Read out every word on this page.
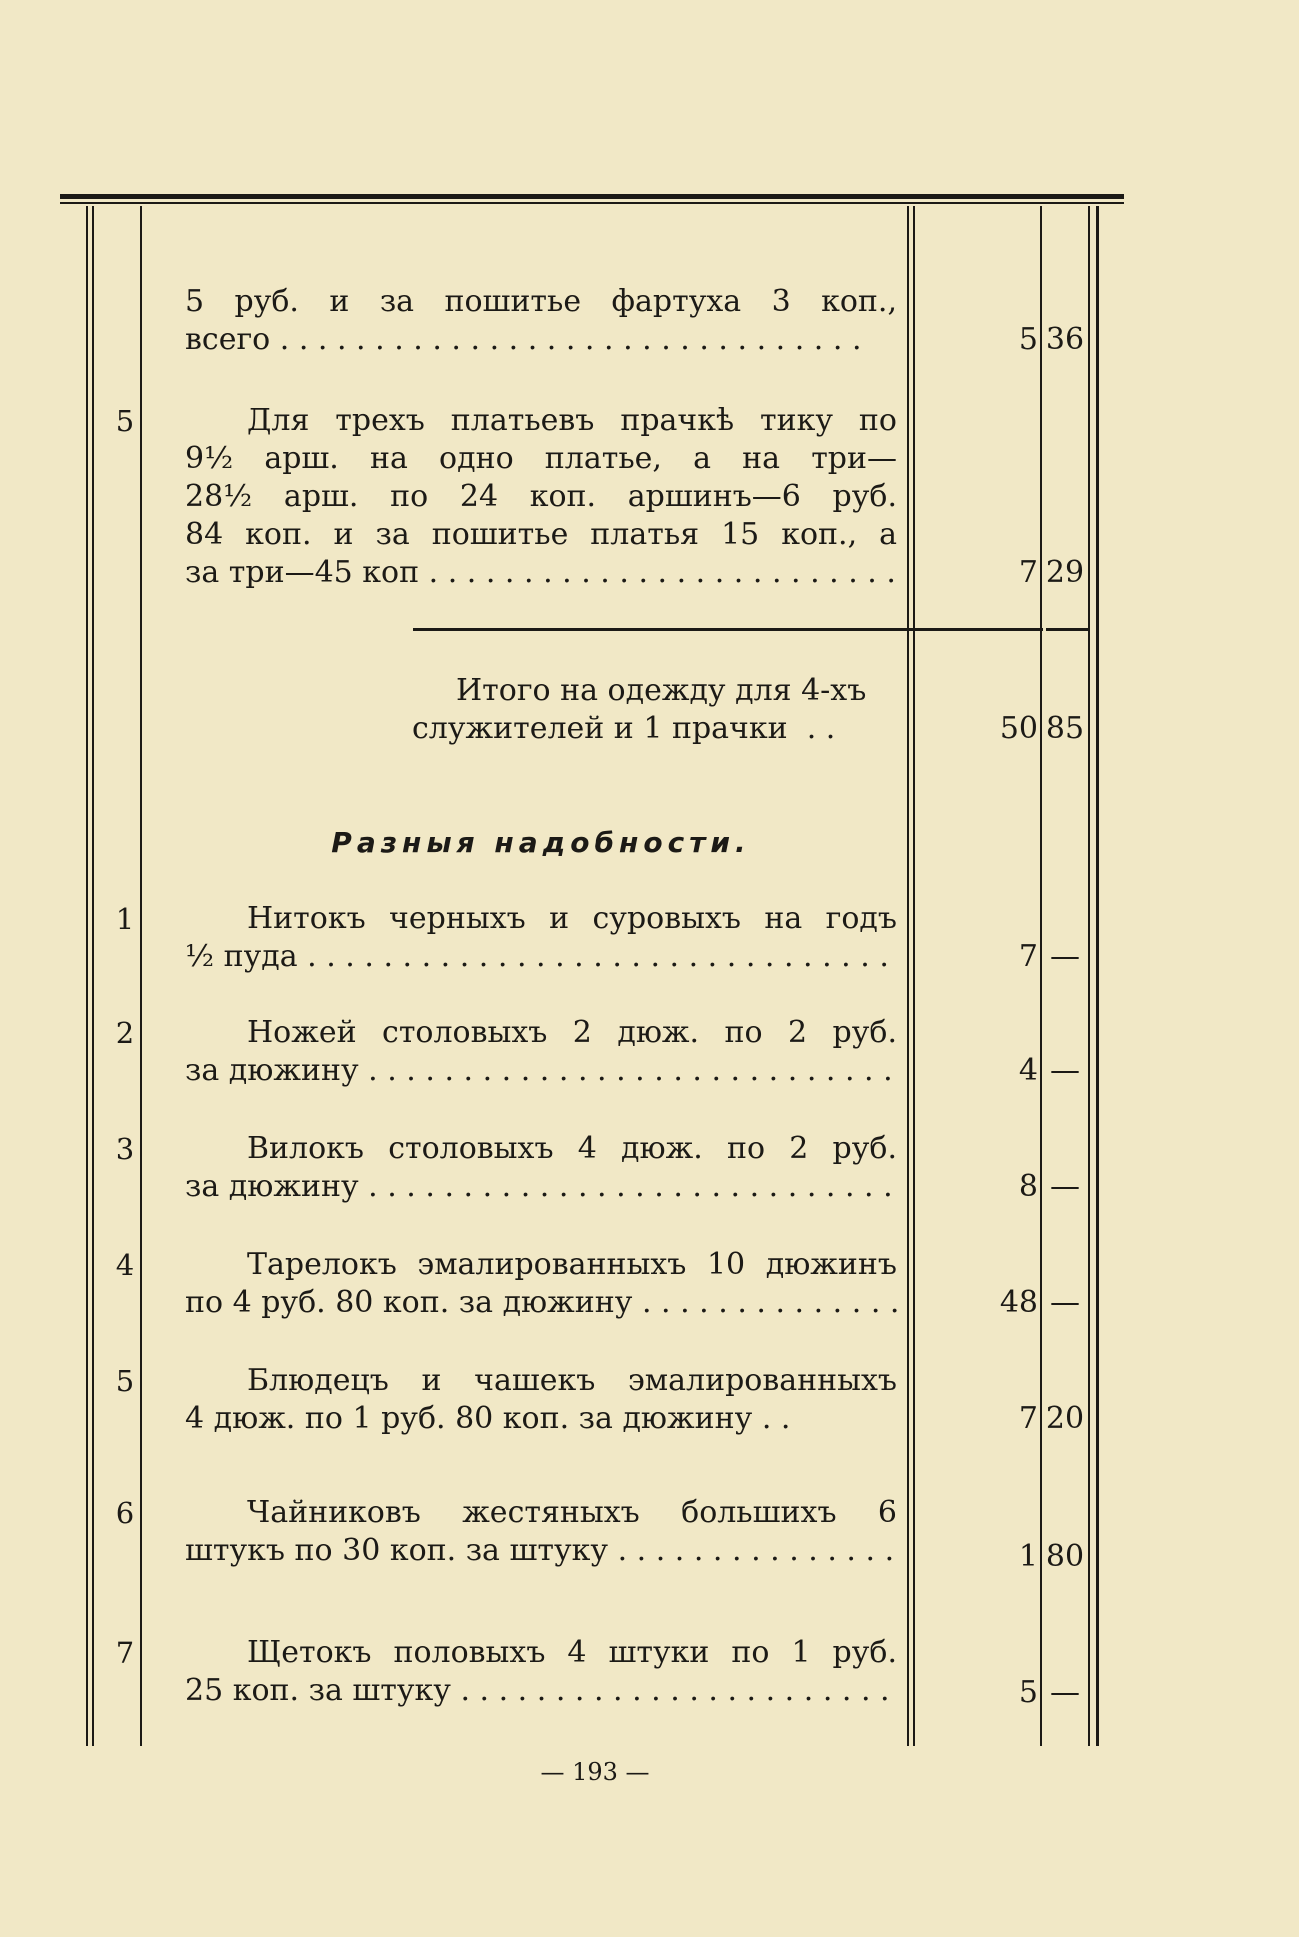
5 руб. и за пошитье фартуха 3 коп.,
всего . . .	5 36
5	Для трехъ платьевъ прачкѣ тику по
9½ арш. на одно платье, а на три—
28½ арш. по 24 коп. аршинъ—6 руб.
84 коп. и за пошитье платья 15 коп., а
за три—45 коп . . .	7 29
Итого на одежду для 4-хъ
служителей и 1 прачки  . .	50 85
Разныя надобности.
1	Нитокъ черныхъ и суровыхъ на годъ
½ пуда . . .	7 —
2	Ножей столовыхъ 2 дюж. по 2 руб.
за дюжину . . .	4 —
3	Вилокъ столовыхъ 4 дюж. по 2 руб.
за дюжину . . .	8 —
4	Тарелокъ эмалированныхъ 10 дюжинъ
по 4 руб. 80 коп. за дюжину . . .	48 —
5	Блюдецъ и чашекъ эмалированныхъ
4 дюж. по 1 руб. 80 коп. за дюжину . .	7 20
6	Чайниковъ жестяныхъ большихъ 6
штукъ по 30 коп. за штуку . . .	1 80
7	Щетокъ половыхъ 4 штуки по 1 руб.
25 коп. за штуку . . .	5 —
— 193 —
